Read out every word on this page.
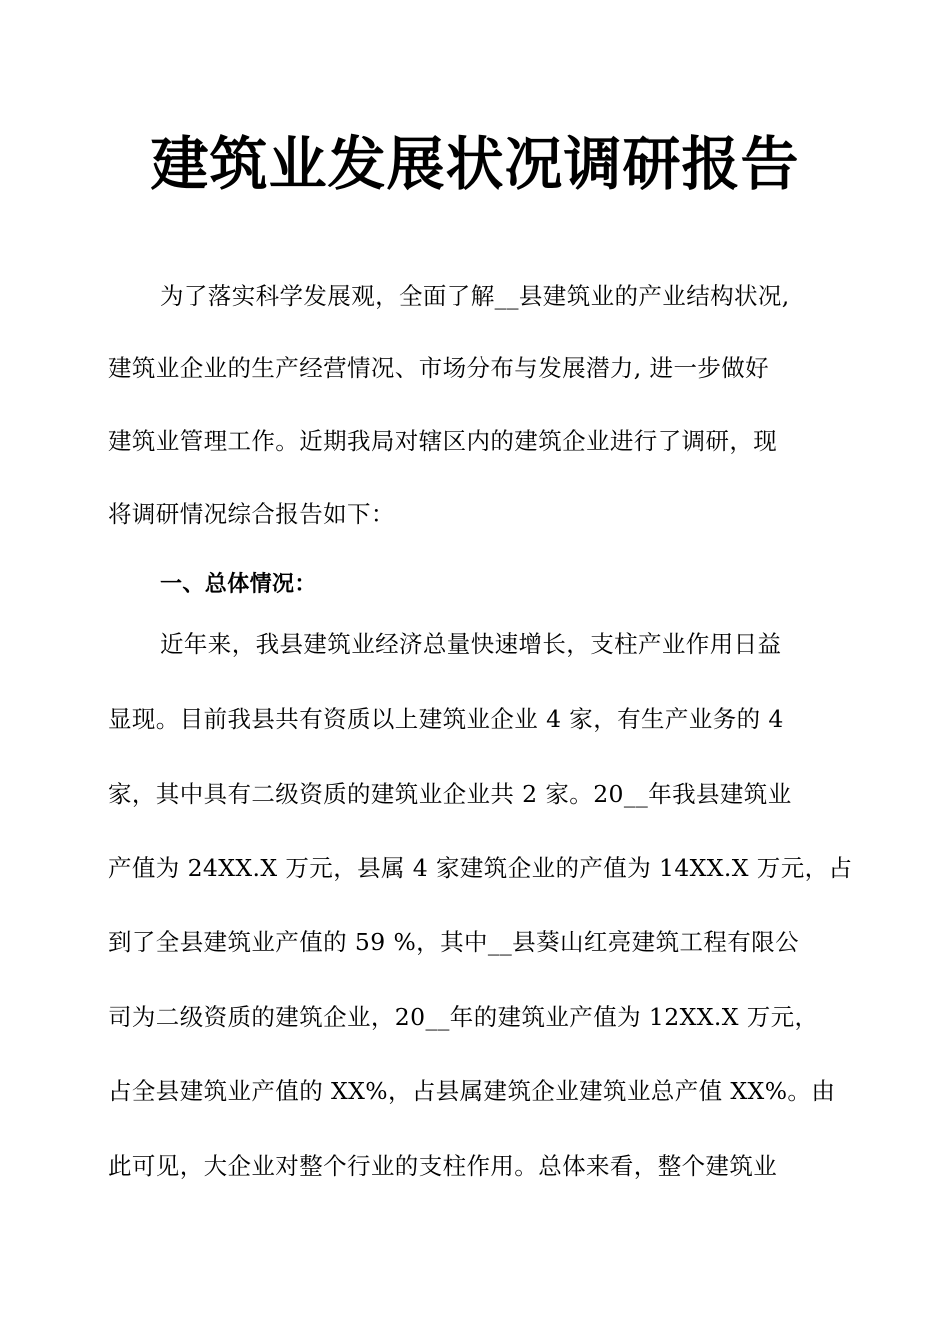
建筑业发展状况调研报告
为了落实科学发展观，全面了解__县建筑业的产业结构状况,
建筑业企业的生产经营情况、市场分布与发展潜力, 进一步做好
建筑业管理工作。近期我局对辖区内的建筑企业进行了调研，现
将调研情况综合报告如下：
一、总体情况：
近年来，我县建筑业经济总量快速增长，支柱产业作用日益
显现。目前我县共有资质以上建筑业企业 4 家，有生产业务的 4
家，其中具有二级资质的建筑业企业共 2 家。20__年我县建筑业
产值为 24XX.X 万元，县属 4 家建筑企业的产值为 14XX.X 万元，占
到了全县建筑业产值的 59 %，其中__县葵山红亮建筑工程有限公
司为二级资质的建筑企业，20__年的建筑业产值为 12XX.X 万元，
占全县建筑业产值的 XX%，占县属建筑企业建筑业总产值 XX%。由
此可见，大企业对整个行业的支柱作用。总体来看，整个建筑业
